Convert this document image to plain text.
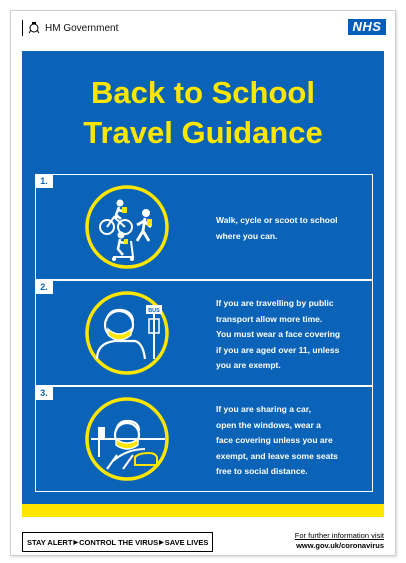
HM Government	NHS
Back to School
Travel Guidance
1.
Walk, cycle or scoot to school
where you can.
2.
BUS
If you are travelling by public
transport allow more time.
You must wear a face covering
if you are aged over 11, unless
you are exempt.
3.
If you are sharing a car,
open the windows, wear a
face covering unless you are
exempt, and leave some seats
free to social distance.
STAY ALERT ▶ CONTROL THE VIRUS ▶ SAVE LIVES
For further information visit
www.gov.uk/coronavirus
